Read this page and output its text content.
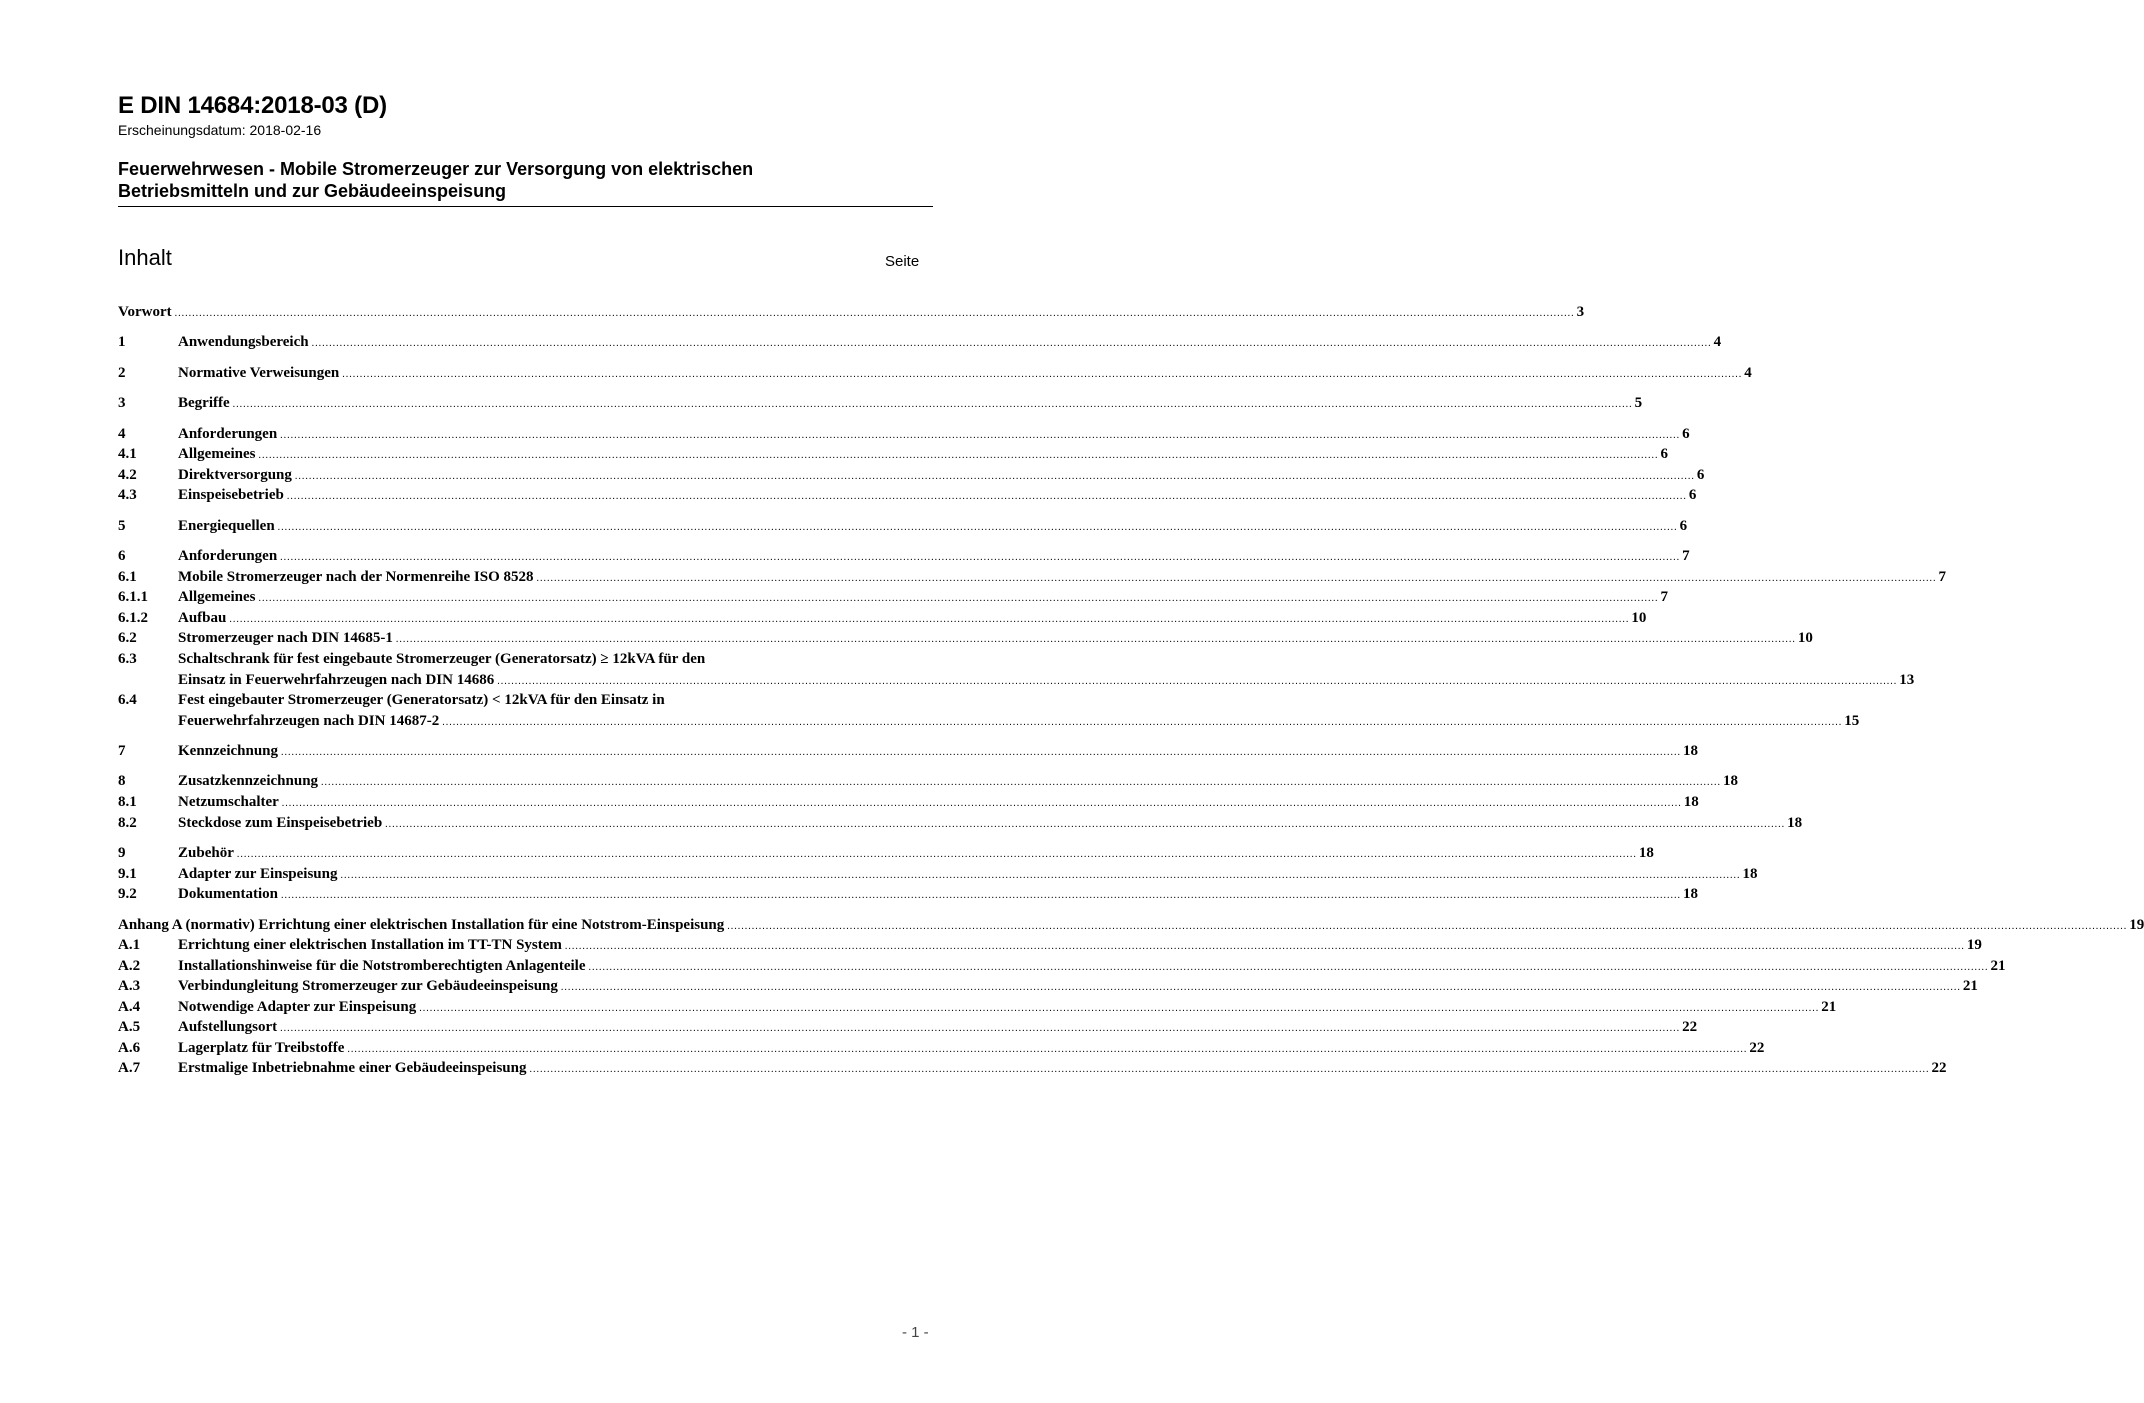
E DIN 14684:2018-03 (D)
Erscheinungsdatum: 2018-02-16
Feuerwehrwesen - Mobile Stromerzeuger zur Versorgung von elektrischen
Betriebsmitteln und zur Gebäudeeinspeisung
Inhalt	Seite
Vorwort ................................................................................................................................................................................................................................................................................................................................................................................................................ 3
1	Anwendungsbereich ................................................................................................................................................................................................................................................................................................................................................................................................................ 4
2	Normative Verweisungen ................................................................................................................................................................................................................................................................................................................................................................................................................ 4
3	Begriffe ................................................................................................................................................................................................................................................................................................................................................................................................................ 5
4	Anforderungen ................................................................................................................................................................................................................................................................................................................................................................................................................ 6
4.1	Allgemeines ................................................................................................................................................................................................................................................................................................................................................................................................................ 6
4.2	Direktversorgung ................................................................................................................................................................................................................................................................................................................................................................................................................ 6
4.3	Einspeisebetrieb ................................................................................................................................................................................................................................................................................................................................................................................................................ 6
5	Energiequellen ................................................................................................................................................................................................................................................................................................................................................................................................................ 6
6	Anforderungen ................................................................................................................................................................................................................................................................................................................................................................................................................ 7
6.1	Mobile Stromerzeuger nach der Normenreihe ISO 8528 ................................................................................................................................................................................................................................................................................................................................................................................................................ 7
6.1.1 Allgemeines ................................................................................................................................................................................................................................................................................................................................................................................................................ 7
6.1.2 Aufbau ................................................................................................................................................................................................................................................................................................................................................................................................................ 10
6.2	Stromerzeuger nach DIN 14685-1 ................................................................................................................................................................................................................................................................................................................................................................................................................ 10
6.3	Schaltschrank für fest eingebaute Stromerzeuger (Generatorsatz) ≥ 12kVA für den
Einsatz in Feuerwehrfahrzeugen nach DIN 14686 ................................................................................................................................................................................................................................................................................................................................................................................................................ 13
6.4	Fest eingebauter Stromerzeuger (Generatorsatz) < 12kVA für den Einsatz in
Feuerwehrfahrzeugen nach DIN 14687-2 ................................................................................................................................................................................................................................................................................................................................................................................................................ 15
7	Kennzeichnung ................................................................................................................................................................................................................................................................................................................................................................................................................ 18
8	Zusatzkennzeichnung ................................................................................................................................................................................................................................................................................................................................................................................................................ 18
8.1	Netzumschalter ................................................................................................................................................................................................................................................................................................................................................................................................................ 18
8.2	Steckdose zum Einspeisebetrieb ................................................................................................................................................................................................................................................................................................................................................................................................................ 18
9	Zubehör ................................................................................................................................................................................................................................................................................................................................................................................................................ 18
9.1	Adapter zur Einspeisung ................................................................................................................................................................................................................................................................................................................................................................................................................ 18
9.2	Dokumentation ................................................................................................................................................................................................................................................................................................................................................................................................................ 18
Anhang A (normativ) Errichtung einer elektrischen Installation für eine Notstrom-Einspeisung ................................................................................................................................................................................................................................................................................................................................................................................................................ 19
A.1	Errichtung einer elektrischen Installation im TT-TN System ................................................................................................................................................................................................................................................................................................................................................................................................................ 19
A.2	Installationshinweise für die Notstromberechtigten Anlagenteile ................................................................................................................................................................................................................................................................................................................................................................................................................ 21
A.3	Verbindungleitung Stromerzeuger zur Gebäudeeinspeisung ................................................................................................................................................................................................................................................................................................................................................................................................................ 21
A.4	Notwendige Adapter zur Einspeisung ................................................................................................................................................................................................................................................................................................................................................................................................................ 21
A.5	Aufstellungsort ................................................................................................................................................................................................................................................................................................................................................................................................................ 22
A.6	Lagerplatz für Treibstoffe ................................................................................................................................................................................................................................................................................................................................................................................................................ 22
A.7	Erstmalige Inbetriebnahme einer Gebäudeeinspeisung ................................................................................................................................................................................................................................................................................................................................................................................................................ 22
- 1 -
